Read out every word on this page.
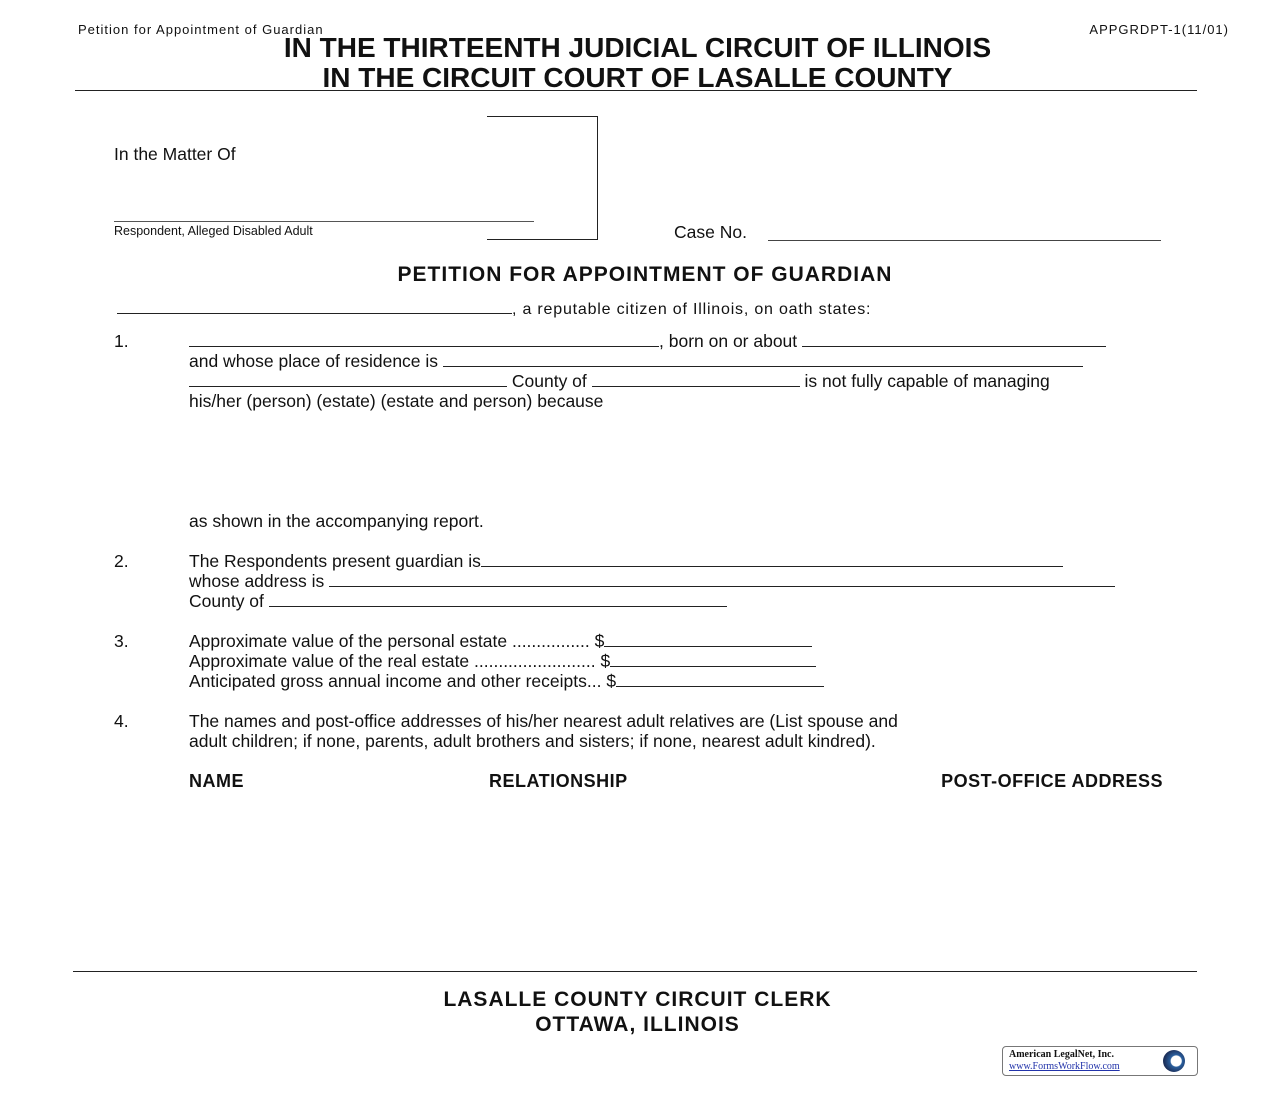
Petition for Appointment of Guardian	APPGRDPT-1(11/01)
IN THE THIRTEENTH JUDICIAL CIRCUIT OF ILLINOIS
IN THE CIRCUIT COURT OF LASALLE COUNTY
In the Matter Of
Respondent, Alleged Disabled Adult	Case No.
PETITION FOR APPOINTMENT OF GUARDIAN
, a reputable citizen of Illinois, on oath states:
1.	, born on or about
and whose place of residence is
County of	is not fully capable of managing
his/her (person) (estate) (estate and person) because
as shown in the accompanying report.
2.	The Respondents present guardian is
whose address is
County of
3.	Approximate value of the personal estate ................ $
Approximate value of the real estate ......................... $
Anticipated gross annual income and other receipts... $
4.	The names and post-office addresses of his/her nearest adult relatives are (List spouse and
adult children; if none, parents, adult brothers and sisters; if none, nearest adult kindred).
NAME	RELATIONSHIP	POST-OFFICE ADDRESS
LASALLE COUNTY CIRCUIT CLERK
OTTAWA, ILLINOIS
American LegalNet, Inc.
www.FormsWorkFlow.com
